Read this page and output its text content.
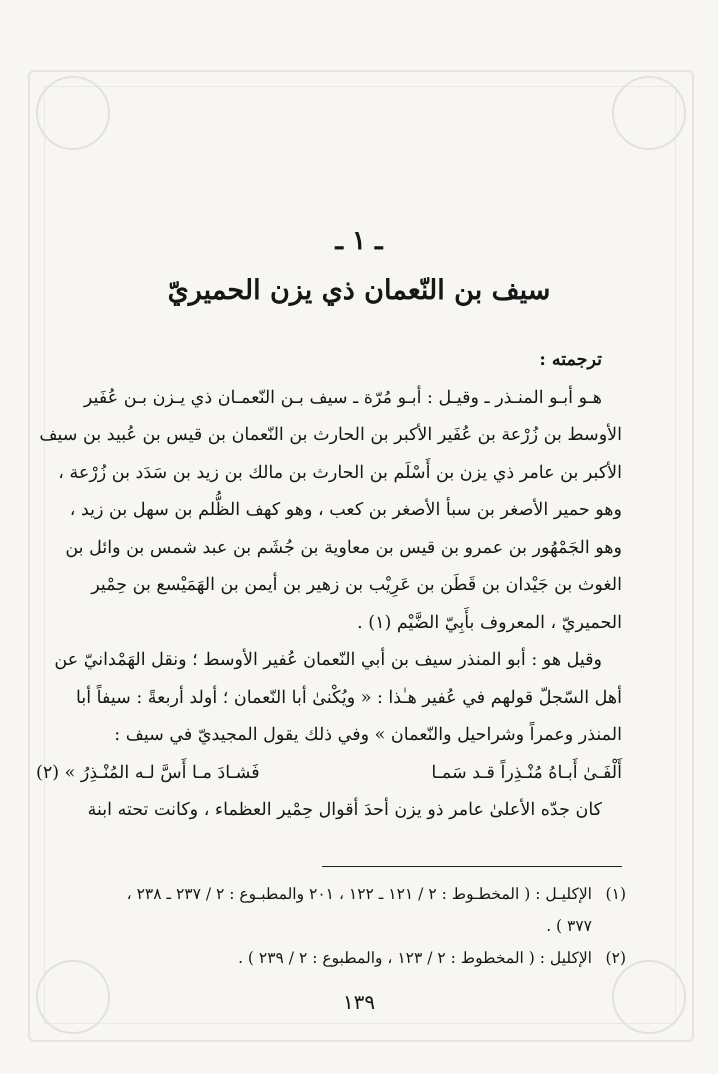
ـ ١ ـ
سيف بن النّعمان ذي يزن الحميريّ

ترجمته :

هـو أبـو المنـذر ـ وقيـل : أبـو مُرّة ـ سيف بـن النّعمـان ذي يـزن بـن عُفَير

الأوسط بن زُرْعة بن عُفَير الأكبر بن الحارث بن النّعمان بن قيس بن عُبيد بن سيف

الأكبر بن عامر ذي يزن بن أَسْلَم بن الحارث بن مالك بن زيد بن سَدَد بن زُرْعة ،

وهو حمير الأصغر بن سبأ الأصغر بن كعب ، وهو كهف الظُّلم بن سهل بن زيد ،

وهو الجَمْهُور بن عمرو بن قيس بن معاوية بن جُشَم بن عبد شمس بن وائل بن

الغوث بن جَيْدان بن قَطَن بن عَرِيْب بن زهير بن أيمن بن الهَمَيْسع بن حِمْير

الحميريّ ، المعروف بأَبِيّ الضَّيْم (١) .

وقيل هو : أبو المنذر سيف بن أبي النّعمان عُفير الأوسط ؛ ونقل الهَمْدانيّ عن

أهل السّجلّ قولهم في عُفير هـٰذا : « ويُكْنىٰ أبا النّعمان ؛ أولد أربعةً : سيفاً أبا

المنذر وعمراً وشراحيل والنّعمان » وفي ذلك يقول المجيديّ في سيف :

أَلْفَـىٰ أَبـاهُ مُنْـذِراً قـد سَمـا
فَشـادَ مـا أَسَّ لـه المُنْـذِرُ » (٢)

كان جدّه الأعلىٰ عامر ذو يزن أحدَ أقوال حِمْير العظماء ، وكانت تحته ابنة

(١)الإكليـل : ( المخطـوط : ٢ / ١٢١ ـ ١٢٢ ، ٢٠١ والمطبـوع : ٢ / ٢٣٧ ـ ٢٣٨ ،
٣٧٧ ) .
(٢)الإكليل : ( المخطوط : ٢ / ١٢٣ ، والمطبوع : ٢ / ٢٣٩ ) .
١٣٩
